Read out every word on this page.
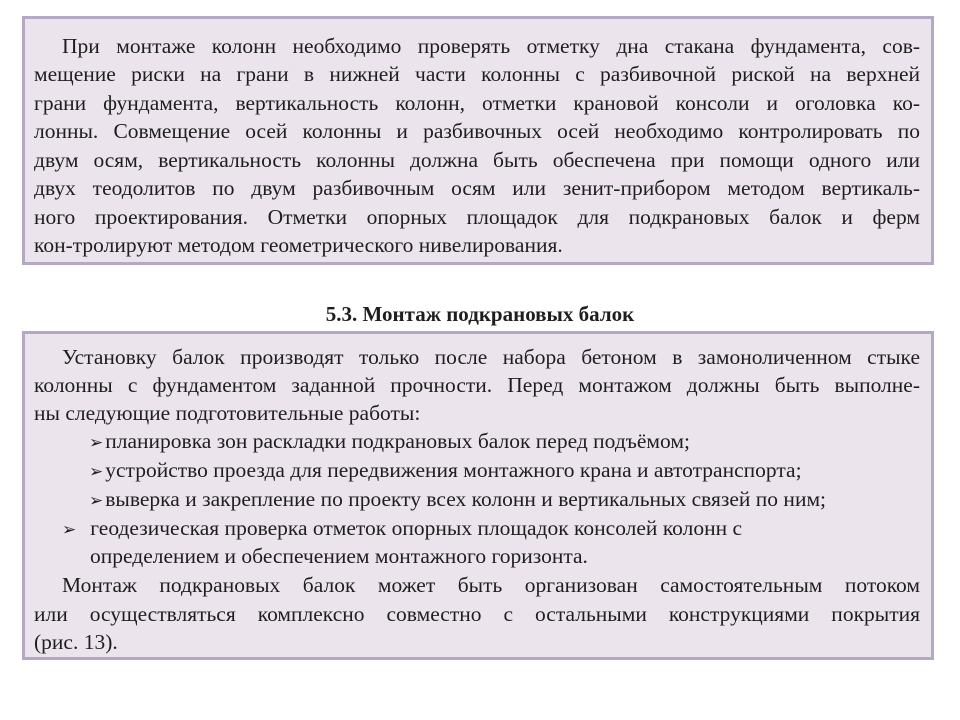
При монтаже колонн необходимо проверять отметку дна стакана фундамента, сов-
мещение риски на грани в нижней части колонны с разбивочной риской на верхней
грани фундамента, вертикальность колонн, отметки крановой консоли и оголовка ко-
лонны. Совмещение осей колонны и разбивочных осей необходимо контролировать по
двум осям, вертикальность колонны должна быть обеспечена при помощи одного или
двух теодолитов по двум разбивочным осям или зенит-прибором методом вертикаль-
ного проектирования. Отметки опорных площадок для подкрановых балок и ферм
кон-тролируют методом геометрического нивелирования.
5.3. Монтаж подкрановых балок
Установку балок производят только после набора бетоном в замоноличенном стыке
колонны с фундаментом заданной прочности. Перед монтажом должны быть выполне-
ны следующие подготовительные работы:
➢планировка зон раскладки подкрановых балок перед подъёмом;
➢устройство проезда для передвижения монтажного крана и автотранспорта;
➢выверка и закрепление по проекту всех колонн и вертикальных связей по ним;
➢ геодезическая проверка отметок опорных площадок консолей колонн с
определением и обеспечением монтажного горизонта.
Монтаж подкрановых балок может быть организован самостоятельным потоком
или осуществляться комплексно совместно с остальными конструкциями покрытия
(рис. 13).
